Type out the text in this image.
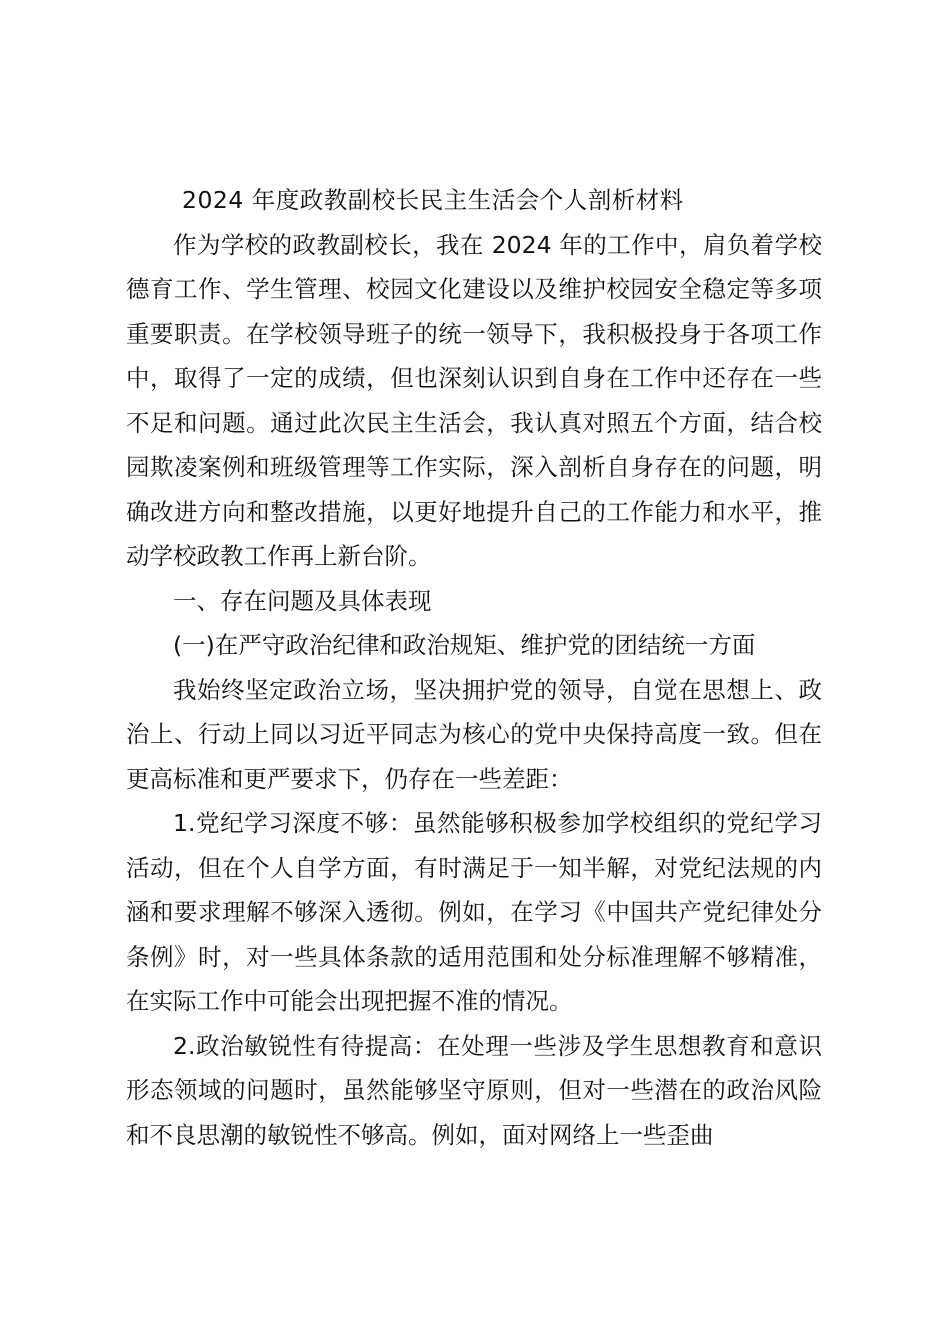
2024 年度政教副校长民主生活会个人剖析材料

作为学校的政教副校长，我在 2024 年的工作中，肩负着学校德育工作、学生管理、校园文化建设以及维护校园安全稳定等多项重要职责。在学校领导班子的统一领导下，我积极投身于各项工作中，取得了一定的成绩，但也深刻认识到自身在工作中还存在一些不足和问题。通过此次民主生活会，我认真对照五个方面，结合校园欺凌案例和班级管理等工作实际，深入剖析自身存在的问题，明确改进方向和整改措施，以更好地提升自己的工作能力和水平，推动学校政教工作再上新台阶。

一、存在问题及具体表现

(一)在严守政治纪律和政治规矩、维护党的团结统一方面

我始终坚定政治立场，坚决拥护党的领导，自觉在思想上、政治上、行动上同以习近平同志为核心的党中央保持高度一致。但在更高标准和更严要求下，仍存在一些差距：

1.党纪学习深度不够：虽然能够积极参加学校组织的党纪学习活动，但在个人自学方面，有时满足于一知半解，对党纪法规的内涵和要求理解不够深入透彻。例如，在学习《中国共产党纪律处分条例》时，对一些具体条款的适用范围和处分标准理解不够精准，在实际工作中可能会出现把握不准的情况。

2.政治敏锐性有待提高：在处理一些涉及学生思想教育和意识形态领域的问题时，虽然能够坚守原则，但对一些潜在的政治风险和不良思潮的敏锐性不够高。例如，面对网络上一些歪曲
